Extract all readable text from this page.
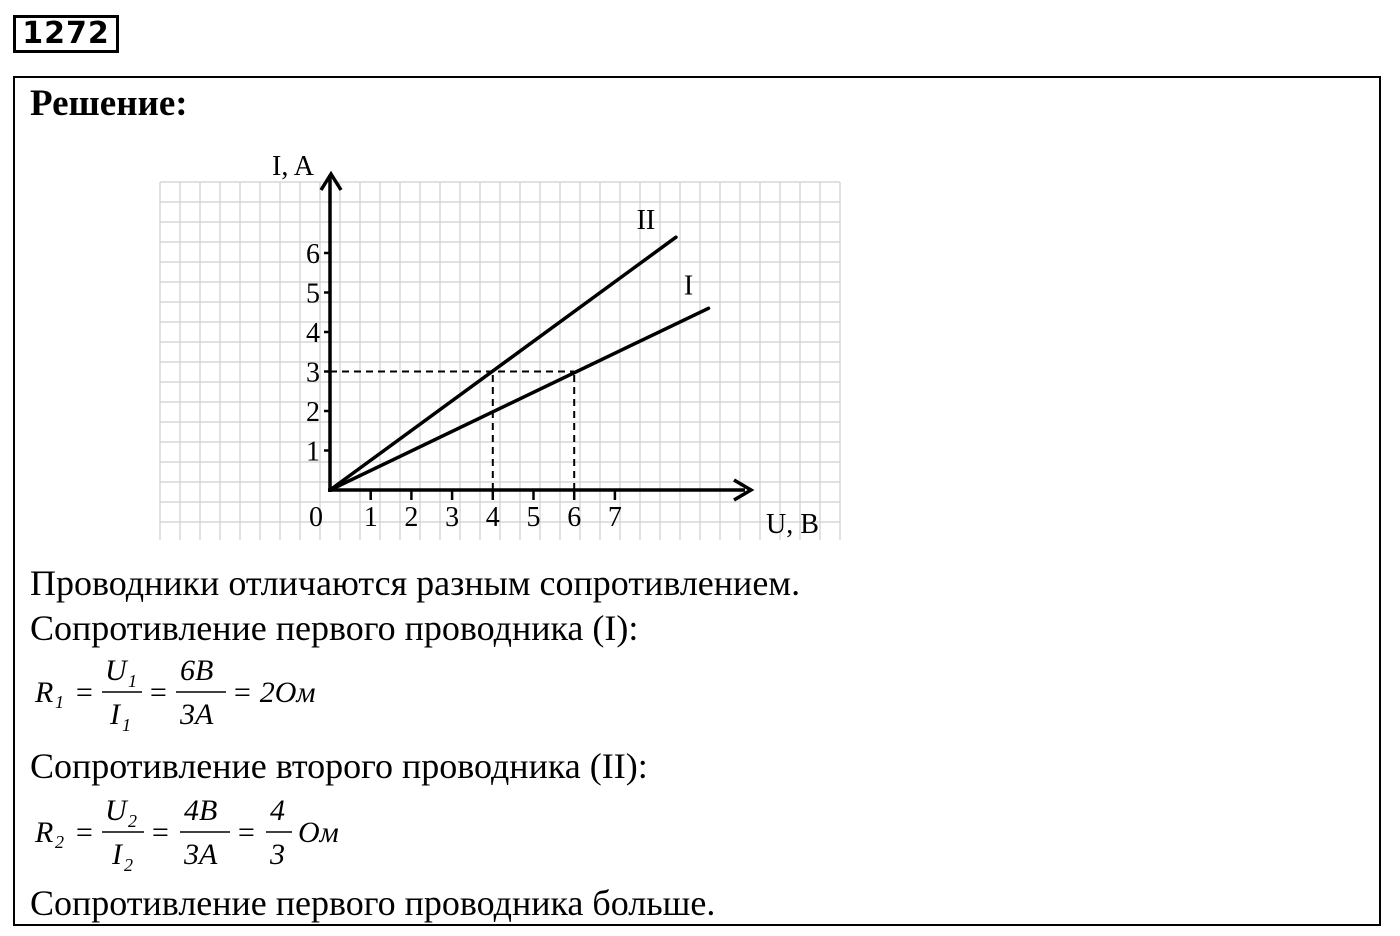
1272
Решение:
1 2 3 4 5 6 7
1
2
3
4
5
6
0
I, A
U, B
II
I
Проводники отличаются разным сопротивлением.
Сопротивление первого проводника (I):
R 1 =
U 1
I 1
=
6B
3A
= 2Ом
Сопротивление второго проводника (II):
R 2 =
U 2
I 2
=
4B
3A
=
4
3
Ом
Сопротивление первого проводника больше.
